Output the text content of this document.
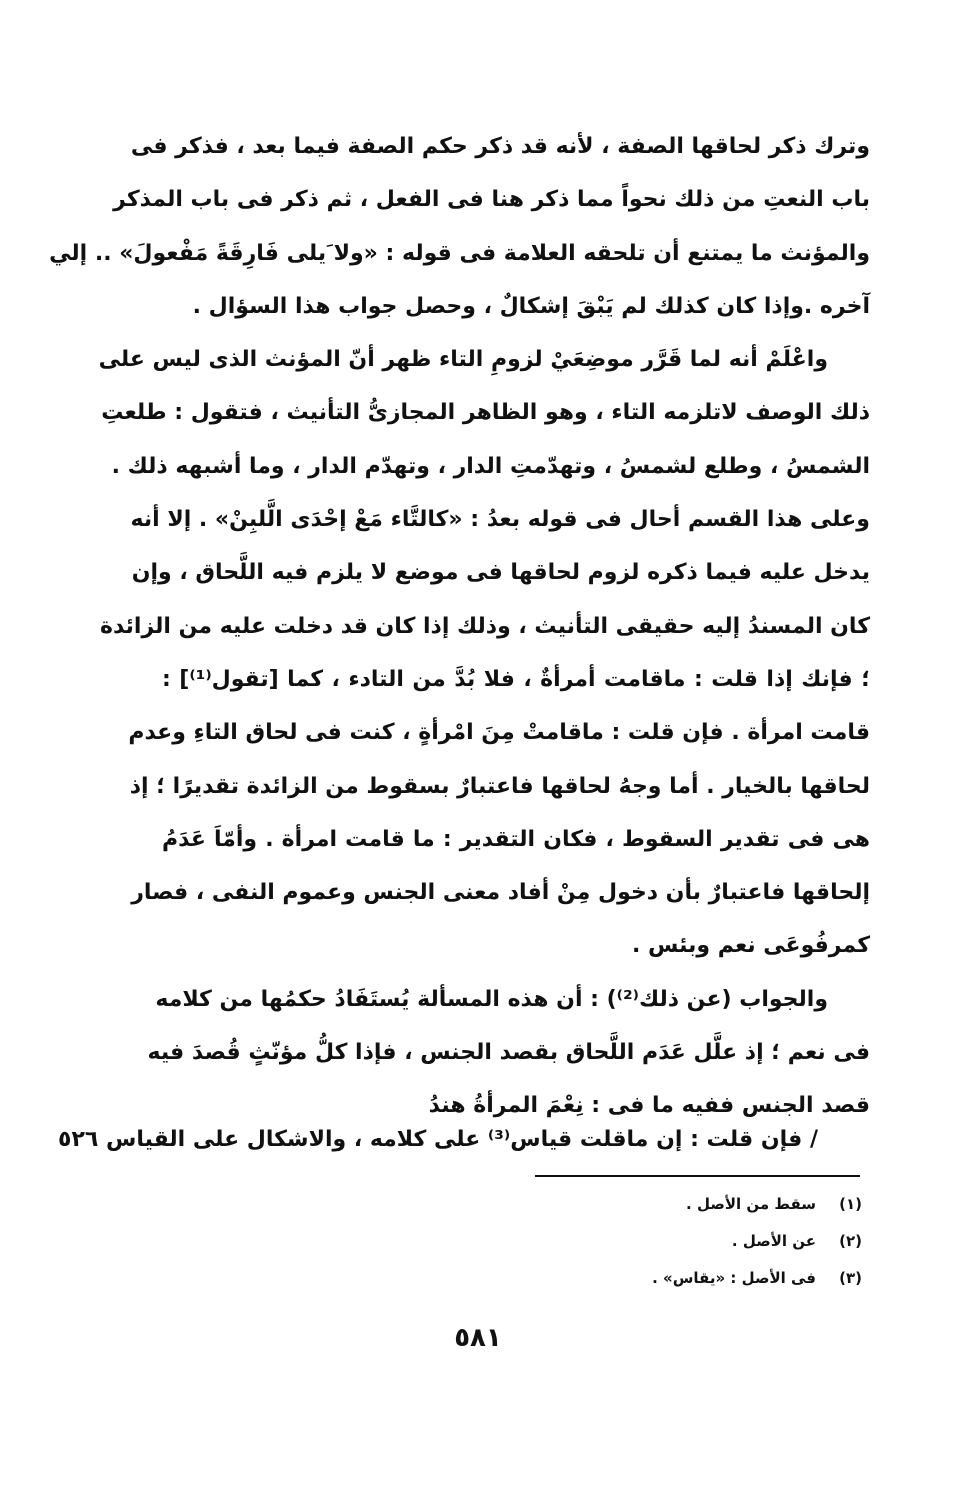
وترك ذكر لحاقها الصفة ، لأنه قد ذكر حكم الصفة فيما بعد ، فذكر فى
باب النعتِ من ذلك نحواً مما ذكر هنا فى الفعل ، ثم ذكر فى باب المذكر
والمؤنث ما يمتنع أن تلحقه العلامة فى قوله : «ولا َيلى فَارِقَةً مَفْعولَ» .. إلي
آخره .وإذا كان كذلك لم يَبْقَ إشكالٌ ، وحصل جواب هذا السؤال .
واعْلَمْ أنه لما قَرَّر موضِعَيْ لزومِ التاء ظهر أنّ المؤنث الذى ليس على
ذلك الوصف لاتلزمه التاء ، وهو الظاهر المجازىُّ التأنيث ، فتقول : طلعتِ
الشمسُ ، وطلع لشمسُ ، وتهدّمتِ الدار ، وتهدّم الدار ، وما أشبهه ذلك .
وعلى هذا القسم أحال فى قوله بعدُ : «كالتَّاء مَعْ إحْدَى الَّلبِنْ» . إلا أنه
يدخل عليه فيما ذكره لزوم لحاقها فى موضع لا يلزم فيه اللَّحاق ، وإن
كان المسندُ إليه حقيقى التأنيث ، وذلك إذا كان قد دخلت عليه من الزائدة
؛ فإنك إذا قلت : ماقامت أمرأةٌ ، فلا بُدَّ من التادء ، كما [تقول⁽¹⁾] :
قامت امرأة . فإن قلت : ماقامتْ مِنَ امْرأةٍ ، كنت فى لحاق التاءِ وعدم
لحاقها بالخيار . أما وجهُ لحاقها فاعتبارٌ بسقوط من الزائدة تقديرًا ؛ إذ
هى فى تقدير السقوط ، فكان التقدير : ما قامت امرأة . وأمّاَ عَدَمُ
إلحاقها فاعتبارٌ بأن دخول مِنْ أفاد معنى الجنس وعموم النفى ، فصار
كمرفُوعَى نعم وبئس .
والجواب (عن ذلك⁽²⁾) : أن هذه المسألة يُستَفَادُ حكمُها من كلامه
فى نعم ؛ إذ علَّل عَدَم اللَّحاق بقصد الجنس ، فإذا كلُّ مؤنّثٍ قُصدَ فيه
قصد الجنس ففيه ما فى : نِعْمَ المرأةُ هندُ
/ فإن قلت : إن ماقلت قياس⁽³⁾ على كلامه ، والاشكال على القياس ٥٢٦
(١)سقط من الأصل .
(٢)عن الأصل .
(٣)فى الأصل : «يقاس» .
٥٨١
